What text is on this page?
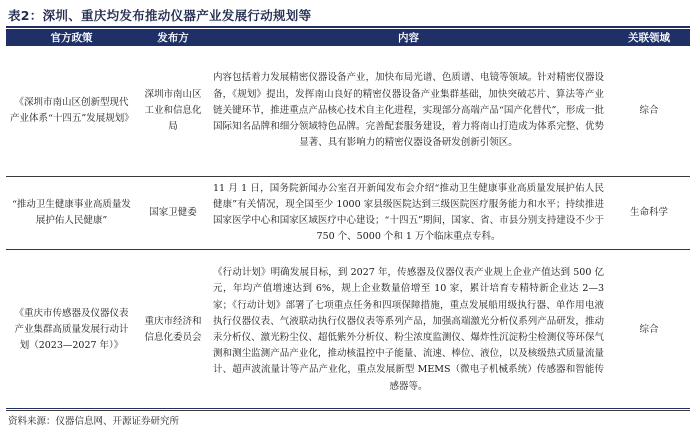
表2：深圳、重庆均发布推动仪器产业发展行动规划等
官方政策	发布方	内容	关联领域
《深圳市南山区创新型现代产业体系“十四五”发展规划》	深圳市南山区工业和信息化局	内容包括着力发展精密仪器设备产业，加快布局光谱、色质谱、电镜等领域。针对精密仪器设备，《规划》提出，发挥南山良好的精密仪器设备产业集群基础，加快突破芯片、算法等产业链关键环节，推进重点产品核心技术自主化进程，实现部分高端产品“国产化替代”，形成一批国际知名品牌和细分领域特色品牌。完善配套服务建设，着力将南山打造成为体系完整、优势显著、具有影响力的精密仪器设备研发创新引领区。	综合
“推动卫生健康事业高质量发展护佑人民健康”	国家卫健委	11 月 1 日，国务院新闻办公室召开新闻发布会介绍“推动卫生健康事业高质量发展护佑人民健康”有关情况，现全国至少 1000 家县级医院达到三级医院医疗服务能力和水平；持续推进国家医学中心和国家区域医疗中心建设；“十四五”期间，国家、省、市县分别支持建设不少于 750 个、5000 个和 1 万个临床重点专科。	生命科学
《重庆市传感器及仪器仪表产业集群高质量发展行动计划（2023—2027 年）》	重庆市经济和信息化委员会	《行动计划》明确发展目标，到 2027 年，传感器及仪器仪表产业规上企业产值达到 500 亿元，年均产值增速达到 6%，规上企业数量倍增至 10 家，累计培育专精特新企业达 2—3 家；《行动计划》部署了七项重点任务和四项保障措施，重点发展船用级执行器、单作用电液执行仪器仪表、气液联动执行仪器仪表等系列产品，加强高端激光分析仪系列产品研发，推动汞分析仪、激光粉尘仪、超低紫外分析仪、粉尘浓度监测仪、爆炸性沉淀粉尘检测仪等环保气测和测尘监测产品产业化，推动核温控中子能量、流速、棒位、液位，以及核级热式质量流量计、超声波流量计等产品产业化，重点发展新型 MEMS（微电子机械系统）传感器和智能传感器等。	综合
资料来源：仪器信息网、开源证券研究所
